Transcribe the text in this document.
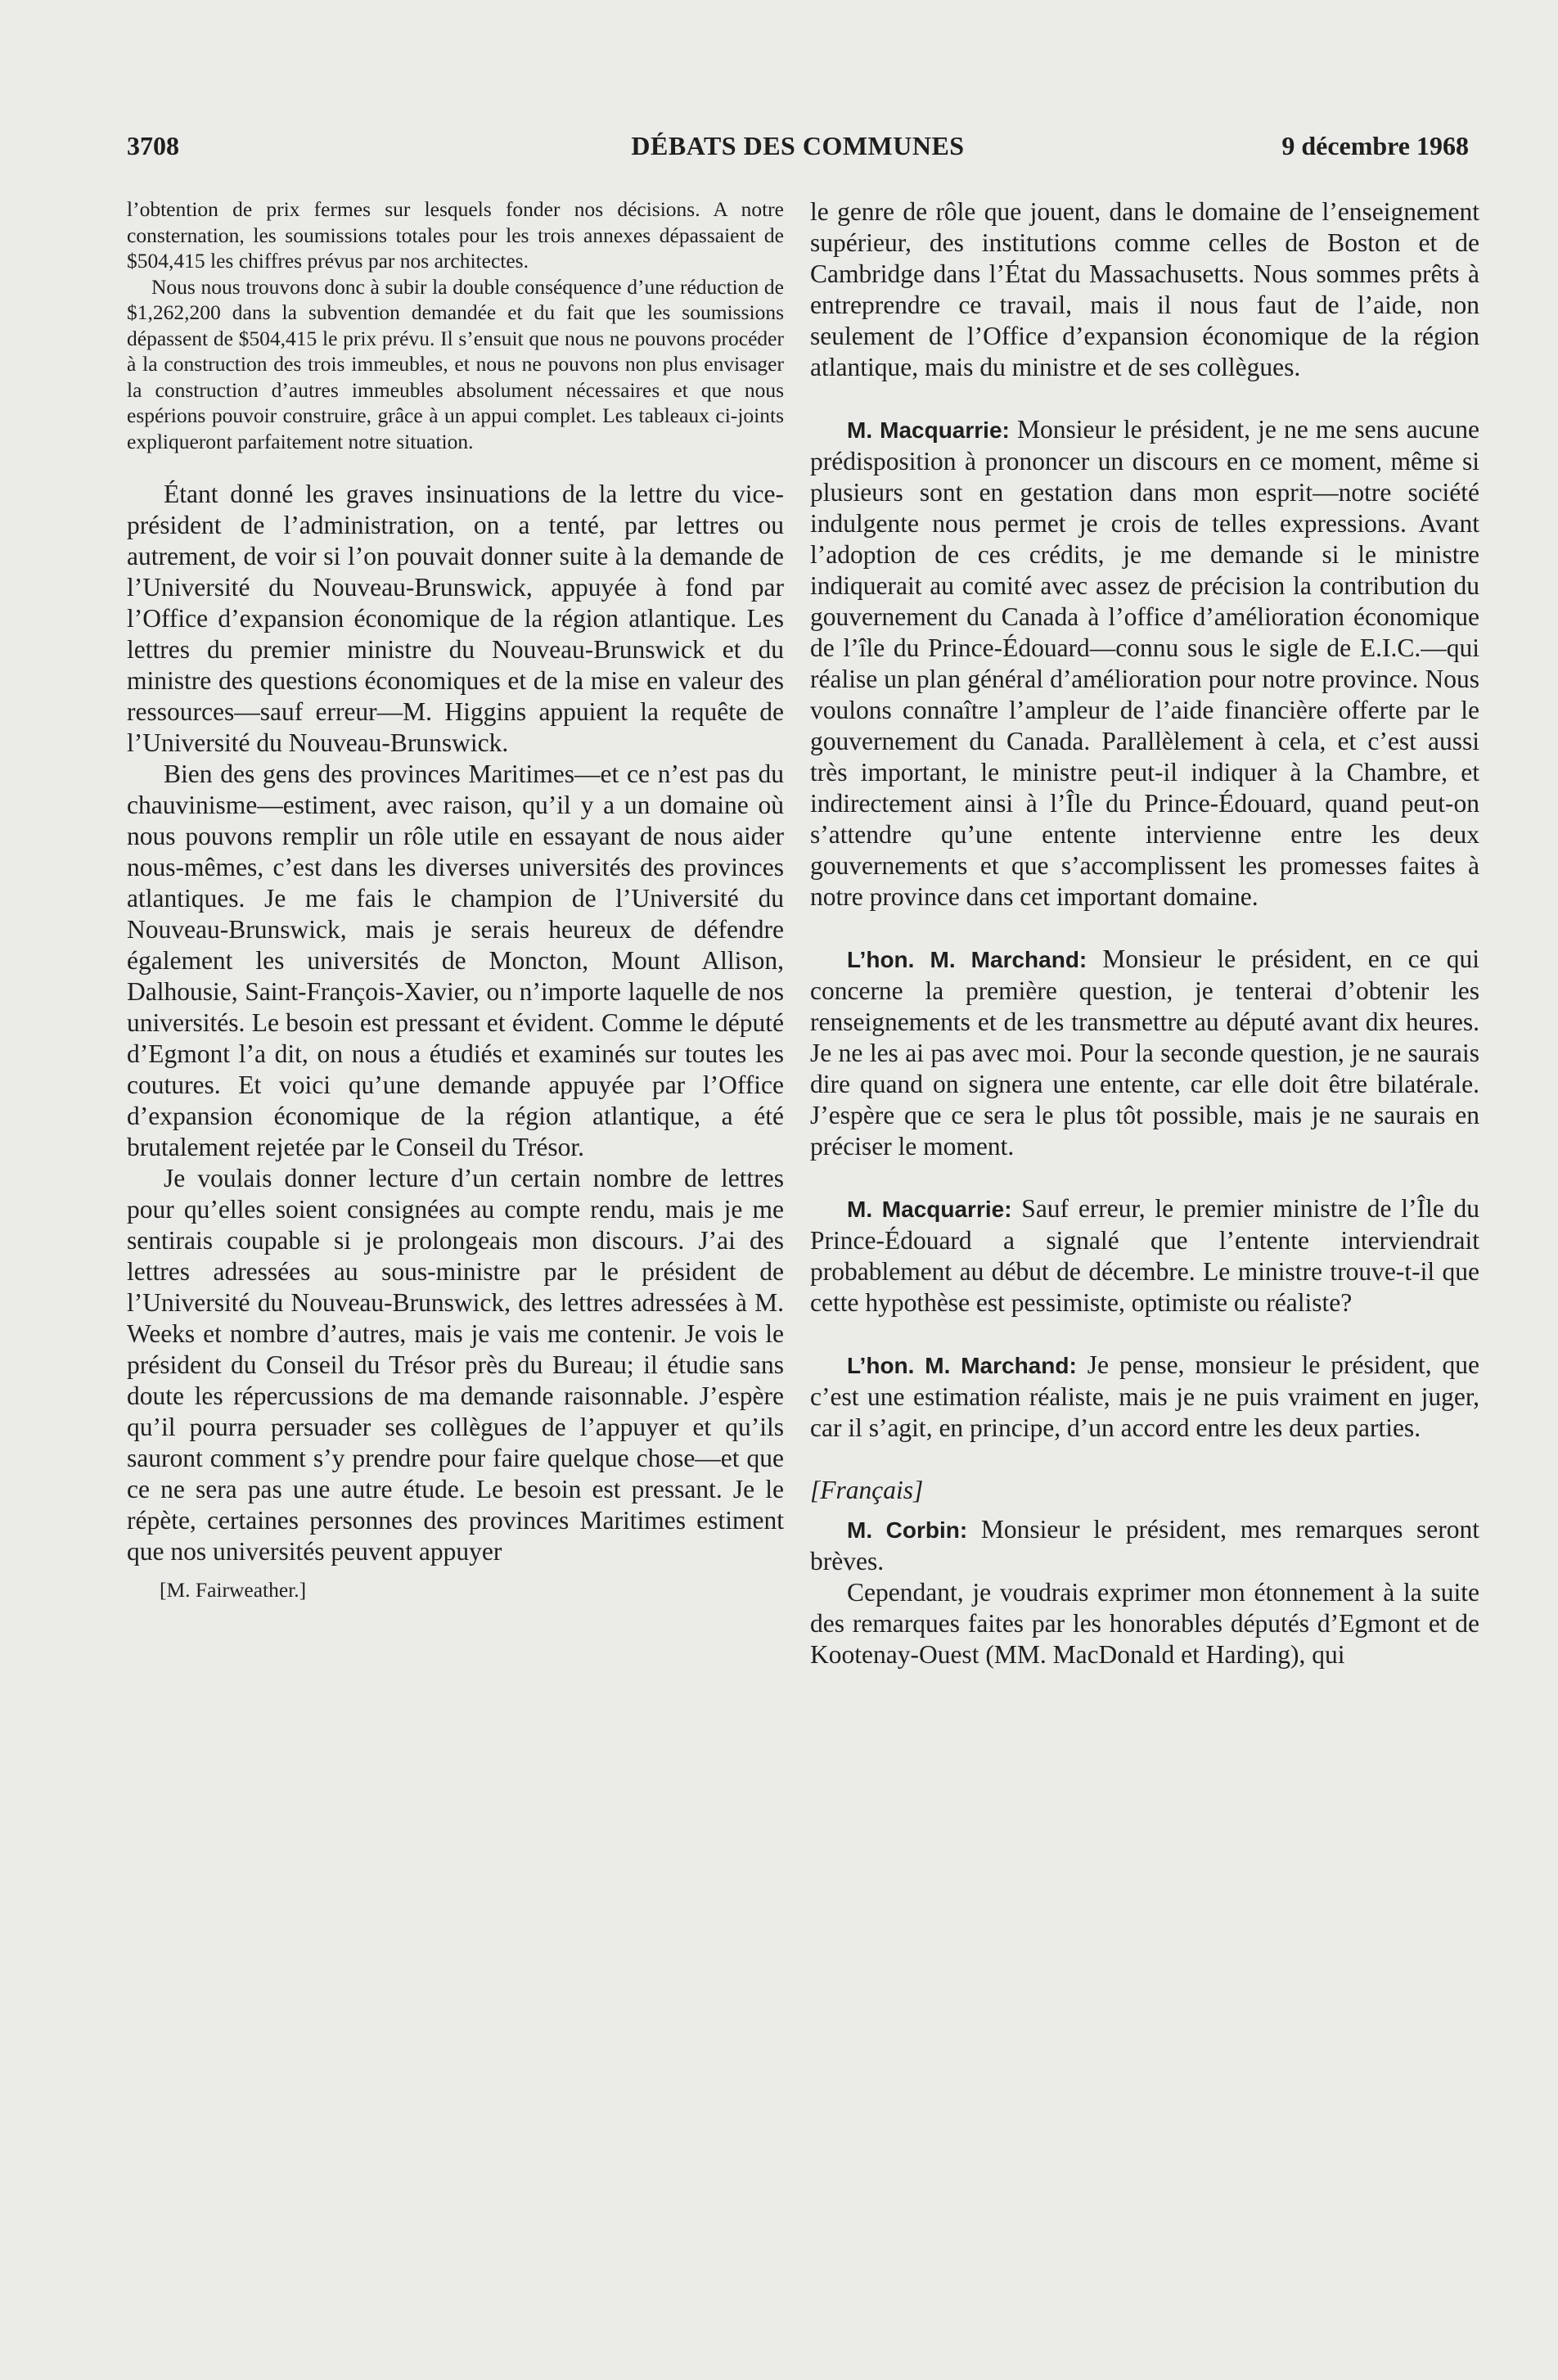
3708	DÉBATS DES COMMUNES	9 décembre 1968

l’obtention de prix fermes sur lesquels fonder nos décisions. A notre consternation, les soumissions totales pour les trois annexes dépassaient de $504,415 les chiffres prévus par nos architectes.

Nous nous trouvons donc à subir la double conséquence d’une réduction de $1,262,200 dans la subvention demandée et du fait que les soumissions dépassent de $504,415 le prix prévu. Il s’ensuit que nous ne pouvons procéder à la construction des trois immeubles, et nous ne pouvons non plus envisager la construction d’autres immeubles absolument nécessaires et que nous espérions pouvoir construire, grâce à un appui complet. Les tableaux ci-joints expliqueront parfaitement notre situation.

Étant donné les graves insinuations de la lettre du vice-président de l’administration, on a tenté, par lettres ou autrement, de voir si l’on pouvait donner suite à la demande de l’Université du Nouveau-Brunswick, appuyée à fond par l’Office d’expansion économique de la région atlantique. Les lettres du premier ministre du Nouveau-Brunswick et du ministre des questions économiques et de la mise en valeur des ressources—sauf erreur—M. Higgins appuient la requête de l’Université du Nouveau-Brunswick.

Bien des gens des provinces Maritimes—et ce n’est pas du chauvinisme—estiment, avec raison, qu’il y a un domaine où nous pouvons remplir un rôle utile en essayant de nous aider nous-mêmes, c’est dans les diverses universités des provinces atlantiques. Je me fais le champion de l’Université du Nouveau-Brunswick, mais je serais heureux de défendre également les universités de Moncton, Mount Allison, Dalhousie, Saint-François-Xavier, ou n’importe laquelle de nos universités. Le besoin est pressant et évident. Comme le député d’Egmont l’a dit, on nous a étudiés et examinés sur toutes les coutures. Et voici qu’une demande appuyée par l’Office d’expansion économique de la région atlantique, a été brutalement rejetée par le Conseil du Trésor.

Je voulais donner lecture d’un certain nombre de lettres pour qu’elles soient consignées au compte rendu, mais je me sentirais coupable si je prolongeais mon discours. J’ai des lettres adressées au sous-ministre par le président de l’Université du Nouveau-Brunswick, des lettres adressées à M. Weeks et nombre d’autres, mais je vais me contenir. Je vois le président du Conseil du Trésor près du Bureau; il étudie sans doute les répercussions de ma demande raisonnable. J’espère qu’il pourra persuader ses collègues de l’appuyer et qu’ils sauront comment s’y prendre pour faire quelque chose—et que ce ne sera pas une autre étude. Le besoin est pressant. Je le répète, certaines personnes des provinces Maritimes estiment que nos universités peuvent appuyer

[M. Fairweather.]

le genre de rôle que jouent, dans le domaine de l’enseignement supérieur, des institutions comme celles de Boston et de Cambridge dans l’État du Massachusetts. Nous sommes prêts à entreprendre ce travail, mais il nous faut de l’aide, non seulement de l’Office d’expansion économique de la région atlantique, mais du ministre et de ses collègues.

M. Macquarrie: Monsieur le président, je ne me sens aucune prédisposition à prononcer un discours en ce moment, même si plusieurs sont en gestation dans mon esprit—notre société indulgente nous permet je crois de telles expressions. Avant l’adoption de ces crédits, je me demande si le ministre indiquerait au comité avec assez de précision la contribution du gouvernement du Canada à l’office d’amélioration économique de l’île du Prince-Édouard—connu sous le sigle de E.I.C.—qui réalise un plan général d’amélioration pour notre province. Nous voulons connaître l’ampleur de l’aide financière offerte par le gouvernement du Canada. Parallèlement à cela, et c’est aussi très important, le ministre peut-il indiquer à la Chambre, et indirectement ainsi à l’Île du Prince-Édouard, quand peut-on s’attendre qu’une entente intervienne entre les deux gouvernements et que s’accomplissent les promesses faites à notre province dans cet important domaine.

L’hon. M. Marchand: Monsieur le président, en ce qui concerne la première question, je tenterai d’obtenir les renseignements et de les transmettre au député avant dix heures. Je ne les ai pas avec moi. Pour la seconde question, je ne saurais dire quand on signera une entente, car elle doit être bilatérale. J’espère que ce sera le plus tôt possible, mais je ne saurais en préciser le moment.

M. Macquarrie: Sauf erreur, le premier ministre de l’Île du Prince-Édouard a signalé que l’entente interviendrait probablement au début de décembre. Le ministre trouve-t-il que cette hypothèse est pessimiste, optimiste ou réaliste?

L’hon. M. Marchand: Je pense, monsieur le président, que c’est une estimation réaliste, mais je ne puis vraiment en juger, car il s’agit, en principe, d’un accord entre les deux parties.

[Français]

M. Corbin: Monsieur le président, mes remarques seront brèves.

Cependant, je voudrais exprimer mon étonnement à la suite des remarques faites par les honorables députés d’Egmont et de Kootenay-Ouest (MM. MacDonald et Harding), qui
